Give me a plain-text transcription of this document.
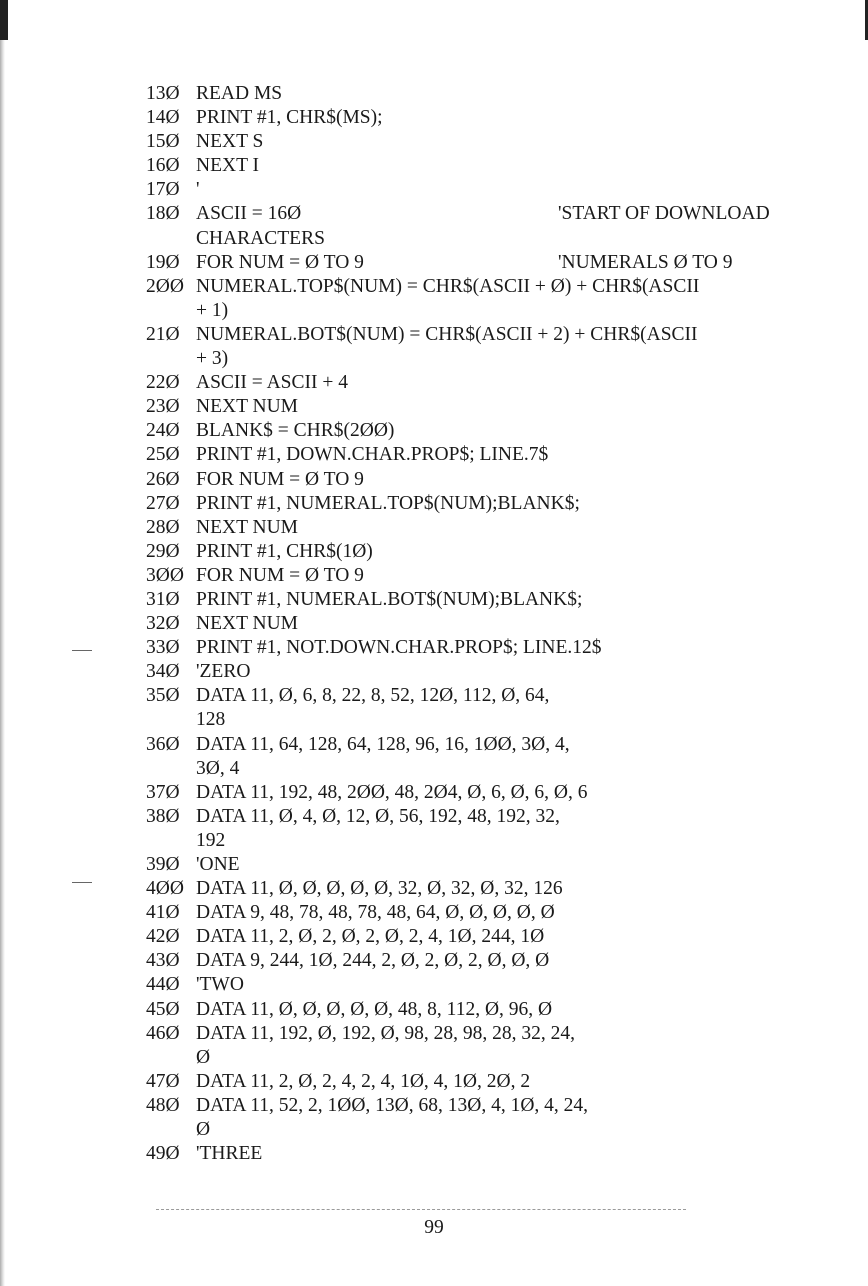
13Ø READ MS
14Ø PRINT #1, CHR$(MS);
15Ø NEXT S
16Ø NEXT I
17Ø '
18Ø ASCII = 16Ø	'START OF DOWNLOAD
CHARACTERS
19Ø FOR NUM = Ø TO 9	'NUMERALS Ø TO 9
2ØØ NUMERAL.TOP$(NUM) = CHR$(ASCII + Ø) + CHR$(ASCII
+ 1)
21Ø NUMERAL.BOT$(NUM) = CHR$(ASCII + 2) + CHR$(ASCII
+ 3)
22Ø ASCII = ASCII + 4
23Ø NEXT NUM
24Ø BLANK$ = CHR$(2ØØ)
25Ø PRINT #1, DOWN.CHAR.PROP$; LINE.7$
26Ø FOR NUM = Ø TO 9
27Ø PRINT #1, NUMERAL.TOP$(NUM);BLANK$;
28Ø NEXT NUM
29Ø PRINT #1, CHR$(1Ø)
3ØØ FOR NUM = Ø TO 9
31Ø PRINT #1, NUMERAL.BOT$(NUM);BLANK$;
32Ø NEXT NUM
33Ø PRINT #1, NOT.DOWN.CHAR.PROP$; LINE.12$
34Ø 'ZERO
35Ø DATA 11, Ø, 6, 8, 22, 8, 52, 12Ø, 112, Ø, 64,
128
36Ø DATA 11, 64, 128, 64, 128, 96, 16, 1ØØ, 3Ø, 4,
3Ø, 4
37Ø DATA 11, 192, 48, 2ØØ, 48, 2Ø4, Ø, 6, Ø, 6, Ø, 6
38Ø DATA 11, Ø, 4, Ø, 12, Ø, 56, 192, 48, 192, 32,
192
39Ø 'ONE
4ØØ DATA 11, Ø, Ø, Ø, Ø, Ø, 32, Ø, 32, Ø, 32, 126
41Ø DATA 9, 48, 78, 48, 78, 48, 64, Ø, Ø, Ø, Ø, Ø
42Ø DATA 11, 2, Ø, 2, Ø, 2, Ø, 2, 4, 1Ø, 244, 1Ø
43Ø DATA 9, 244, 1Ø, 244, 2, Ø, 2, Ø, 2, Ø, Ø, Ø
44Ø 'TWO
45Ø DATA 11, Ø, Ø, Ø, Ø, Ø, 48, 8, 112, Ø, 96, Ø
46Ø DATA 11, 192, Ø, 192, Ø, 98, 28, 98, 28, 32, 24,
Ø
47Ø DATA 11, 2, Ø, 2, 4, 2, 4, 1Ø, 4, 1Ø, 2Ø, 2
48Ø DATA 11, 52, 2, 1ØØ, 13Ø, 68, 13Ø, 4, 1Ø, 4, 24,
Ø
49Ø 'THREE
99
